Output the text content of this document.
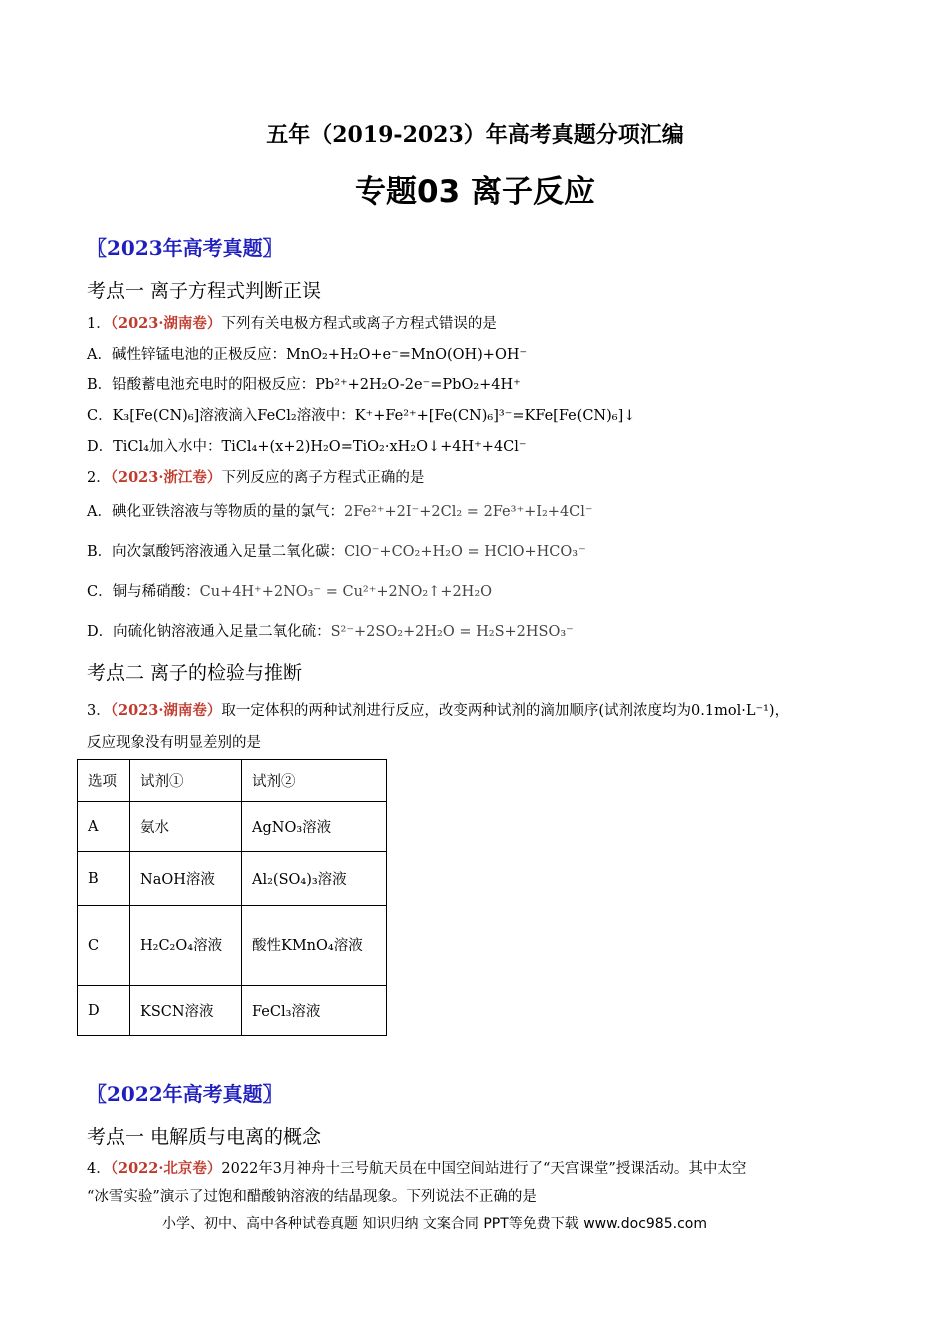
五年（2019-2023）年高考真题分项汇编
专题03 离子反应
〖2023年高考真题〗
考点一 离子方程式判断正误
1．（2023·湖南卷）下列有关电极方程式或离子方程式错误的是
A．碱性锌锰电池的正极反应：MnO₂+H₂O+e⁻=MnO(OH)+OH⁻
B．铅酸蓄电池充电时的阳极反应：Pb²⁺+2H₂O-2e⁻=PbO₂+4H⁺
C．K₃[Fe(CN)₆]溶液滴入FeCl₂溶液中：K⁺+Fe²⁺+[Fe(CN)₆]³⁻=KFe[Fe(CN)₆]↓
D．TiCl₄加入水中：TiCl₄+(x+2)H₂O=TiO₂·xH₂O↓+4H⁺+4Cl⁻
2．（2023·浙江卷）下列反应的离子方程式正确的是
A．碘化亚铁溶液与等物质的量的氯气：2Fe²⁺+2I⁻+2Cl₂ = 2Fe³⁺+I₂+4Cl⁻
B．向次氯酸钙溶液通入足量二氧化碳：ClO⁻+CO₂+H₂O = HClO+HCO₃⁻
C．铜与稀硝酸：Cu+4H⁺+2NO₃⁻ = Cu²⁺+2NO₂↑+2H₂O
D．向硫化钠溶液通入足量二氧化硫：S²⁻+2SO₂+2H₂O = H₂S+2HSO₃⁻
考点二 离子的检验与推断
3．（2023·湖南卷）取一定体积的两种试剂进行反应，改变两种试剂的滴加顺序(试剂浓度均为0.1mol·L⁻¹)，
反应现象没有明显差别的是
选项	试剂①	试剂②
A	氨水	AgNO₃溶液
B	NaOH溶液	Al₂(SO₄)₃溶液
C	H₂C₂O₄溶液	酸性KMnO₄溶液
D	KSCN溶液	FeCl₃溶液
〖2022年高考真题〗
考点一 电解质与电离的概念
4．（2022·北京卷）2022年3月神舟十三号航天员在中国空间站进行了“天宫课堂”授课活动。其中太空
“冰雪实验”演示了过饱和醋酸钠溶液的结晶现象。下列说法不正确的是
小学、初中、高中各种试卷真题 知识归纳 文案合同 PPT等免费下载 www.doc985.com
